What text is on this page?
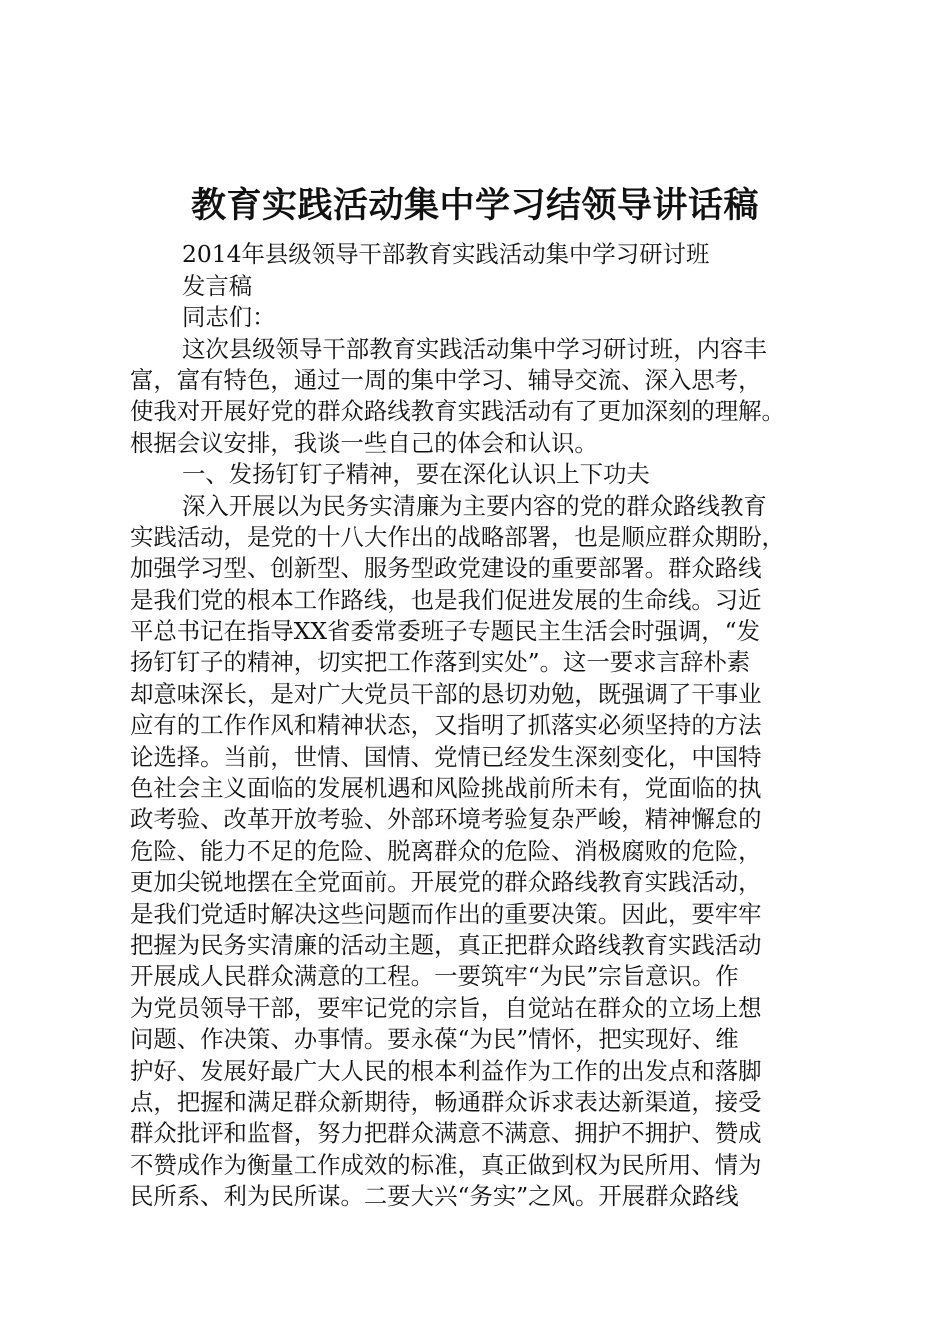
教育实践活动集中学习结领导讲话稿
2014年县级领导干部教育实践活动集中学习研讨班
发言稿
同志们：
这次县级领导干部教育实践活动集中学习研讨班，内容丰
富，富有特色，通过一周的集中学习、辅导交流、深入思考，
使我对开展好党的群众路线教育实践活动有了更加深刻的理解。
根据会议安排，我谈一些自己的体会和认识。
一、发扬钉钉子精神，要在深化认识上下功夫
深入开展以为民务实清廉为主要内容的党的群众路线教育
实践活动，是党的十八大作出的战略部署，也是顺应群众期盼，
加强学习型、创新型、服务型政党建设的重要部署。群众路线
是我们党的根本工作路线，也是我们促进发展的生命线。习近
平总书记在指导XX省委常委班子专题民主生活会时强调，“发
扬钉钉子的精神，切实把工作落到实处”。这一要求言辞朴素
却意味深长，是对广大党员干部的恳切劝勉，既强调了干事业
应有的工作作风和精神状态，又指明了抓落实必须坚持的方法
论选择。当前，世情、国情、党情已经发生深刻变化，中国特
色社会主义面临的发展机遇和风险挑战前所未有，党面临的执
政考验、改革开放考验、外部环境考验复杂严峻，精神懈怠的
危险、能力不足的危险、脱离群众的危险、消极腐败的危险，
更加尖锐地摆在全党面前。开展党的群众路线教育实践活动，
是我们党适时解决这些问题而作出的重要决策。因此，要牢牢
把握为民务实清廉的活动主题，真正把群众路线教育实践活动
开展成人民群众满意的工程。一要筑牢“为民”宗旨意识。作
为党员领导干部，要牢记党的宗旨，自觉站在群众的立场上想
问题、作决策、办事情。要永葆“为民”情怀，把实现好、维
护好、发展好最广大人民的根本利益作为工作的出发点和落脚
点，把握和满足群众新期待，畅通群众诉求表达新渠道，接受
群众批评和监督，努力把群众满意不满意、拥护不拥护、赞成
不赞成作为衡量工作成效的标准，真正做到权为民所用、情为
民所系、利为民所谋。二要大兴“务实”之风。开展群众路线
